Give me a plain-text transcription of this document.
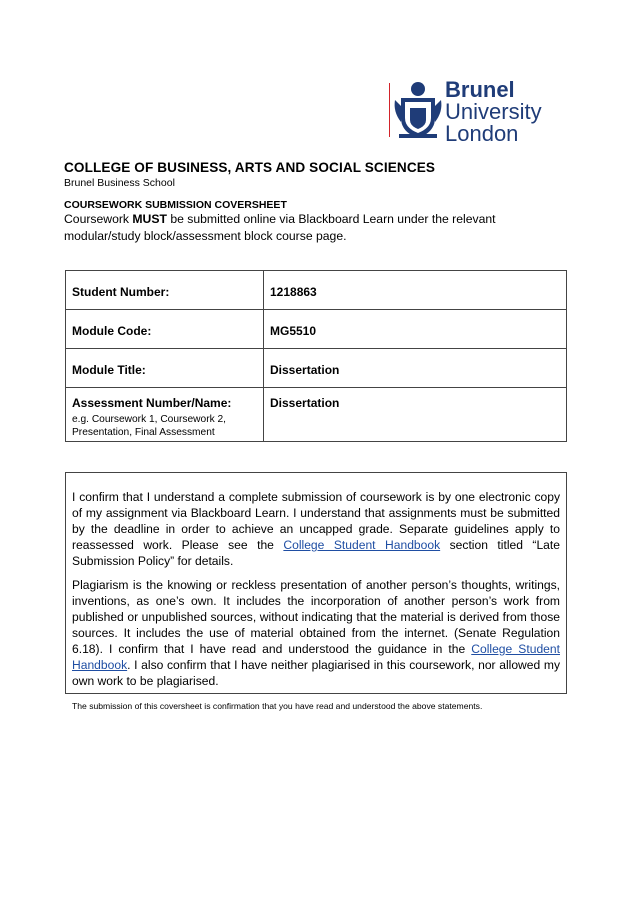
Brunel
University
London
COLLEGE OF BUSINESS, ARTS AND SOCIAL SCIENCES
Brunel Business School
COURSEWORK SUBMISSION COVERSHEET
Coursework MUST be submitted online via Blackboard Learn under the relevant modular/study block/assessment block course page.
Student Number:	1218863
Module Code:	MG5510
Module Title:	Dissertation
Assessment Number/Name:
e.g. Coursework 1, Coursework 2, Presentation, Final Assessment	Dissertation

I confirm that I understand a complete submission of coursework is by one electronic copy of my assignment via Blackboard Learn. I understand that assignments must be submitted by the deadline in order to achieve an uncapped grade. Separate guidelines apply to reassessed work. Please see the College Student Handbook section titled “Late Submission Policy” for details.

Plagiarism is the knowing or reckless presentation of another person’s thoughts, writings, inventions, as one’s own. It includes the incorporation of another person’s work from published or unpublished sources, without indicating that the material is derived from those sources. It includes the use of material obtained from the internet. (Senate Regulation 6.18). I confirm that I have read and understood the guidance in the College Student Handbook. I also confirm that I have neither plagiarised in this coursework, nor allowed my own work to be plagiarised.

The submission of this coversheet is confirmation that you have read and understood the above statements.
